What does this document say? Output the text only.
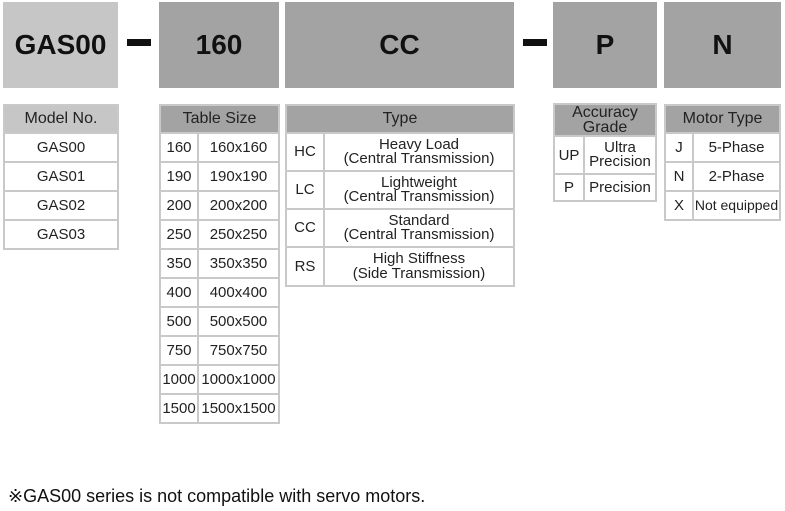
GAS00	160	CC	P	N
Model No.
GAS00
GAS01
GAS02
GAS03
Table Size	
160	160x160
190	190x190
200	200x200
250	250x250
350	350x350
400	400x400
500	500x500
750	750x750
1000	1000x1000
1500	1500x1500
Type	
HC	Heavy Load
(Central Transmission)
LC	Lightweight
(Central Transmission)
CC	Standard
(Central Transmission)
RS	High Stiffness
(Side Transmission)
Accuracy
Grade	
UP	Ultra
Precision
P	Precision
Motor Type	
J	5-Phase
N	2-Phase
X	Not equipped
※GAS00 series is not compatible with servo motors.
